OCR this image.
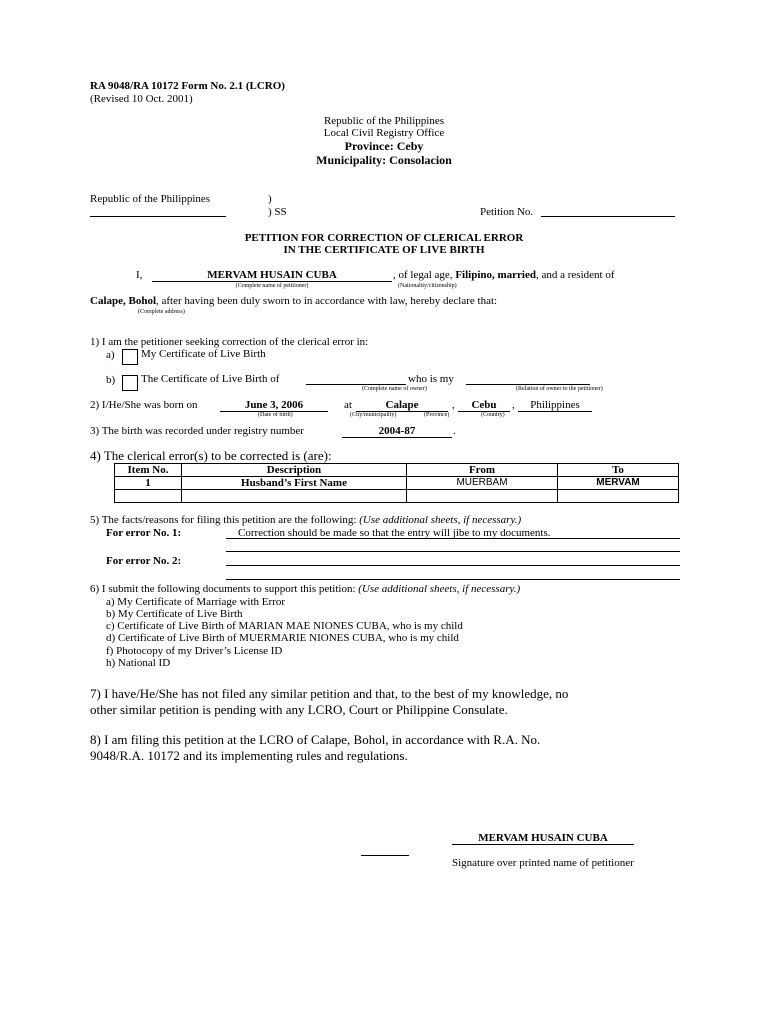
RA 9048/RA 10172 Form No. 2.1 (LCRO)
(Revised 10 Oct. 2001)
Republic of the Philippines
Local Civil Registry Office
Province: Ceby
Municipality: Consolacion
Republic of the Philippines	)
) SS	Petition No.
PETITION FOR CORRECTION OF CLERICAL ERROR
IN THE CERTIFICATE OF LIVE BIRTH
I,	MERVAM HUSAIN CUBA	, of legal age, Filipino, married, and a resident of
(Complete name of petitioner)	(Nationality/citizenship)
Calape, Bohol, after having been duly sworn to in accordance with law, hereby declare that:
(Complete address)
1) I am the petitioner seeking correction of the clerical error in:
a) My Certificate of Live Birth
b) The Certificate of Live Birth of	who is my
(Complete name of owner)	(Relation of owner to the petitioner)
2) I/He/She was born on	June 3, 2006	at	Calape	,	Cebu	,	Philippines
(Date of birth)	(City/municipality)	(Province)	(Country)
3) The birth was recorded under registry number	2004-87	.
4) The clerical error(s) to be corrected is (are):
Item No.	Description	From	To
1	Husband’s First Name	MUERBAM	MERVAM

5) The facts/reasons for filing this petition are the following: (Use additional sheets, if necessary.)
For error No. 1:	Correction should be made so that the entry will jibe to my documents.
For error No. 2:
6) I submit the following documents to support this petition: (Use additional sheets, if necessary.)
a) My Certificate of Marriage with Error
b) My Certificate of Live Birth
c) Certificate of Live Birth of MARIAN MAE NIONES CUBA, who is my child
d) Certificate of Live Birth of MUERMARIE NIONES CUBA, who is my child
f) Photocopy of my Driver’s License ID
h) National ID
7) I have/He/She has not filed any similar petition and that, to the best of my knowledge, no
other similar petition is pending with any LCRO, Court or Philippine Consulate.
8) I am filing this petition at the LCRO of Calape, Bohol, in accordance with R.A. No.
9048/R.A. 10172 and its implementing rules and regulations.
MERVAM HUSAIN CUBA
Signature over printed name of petitioner
